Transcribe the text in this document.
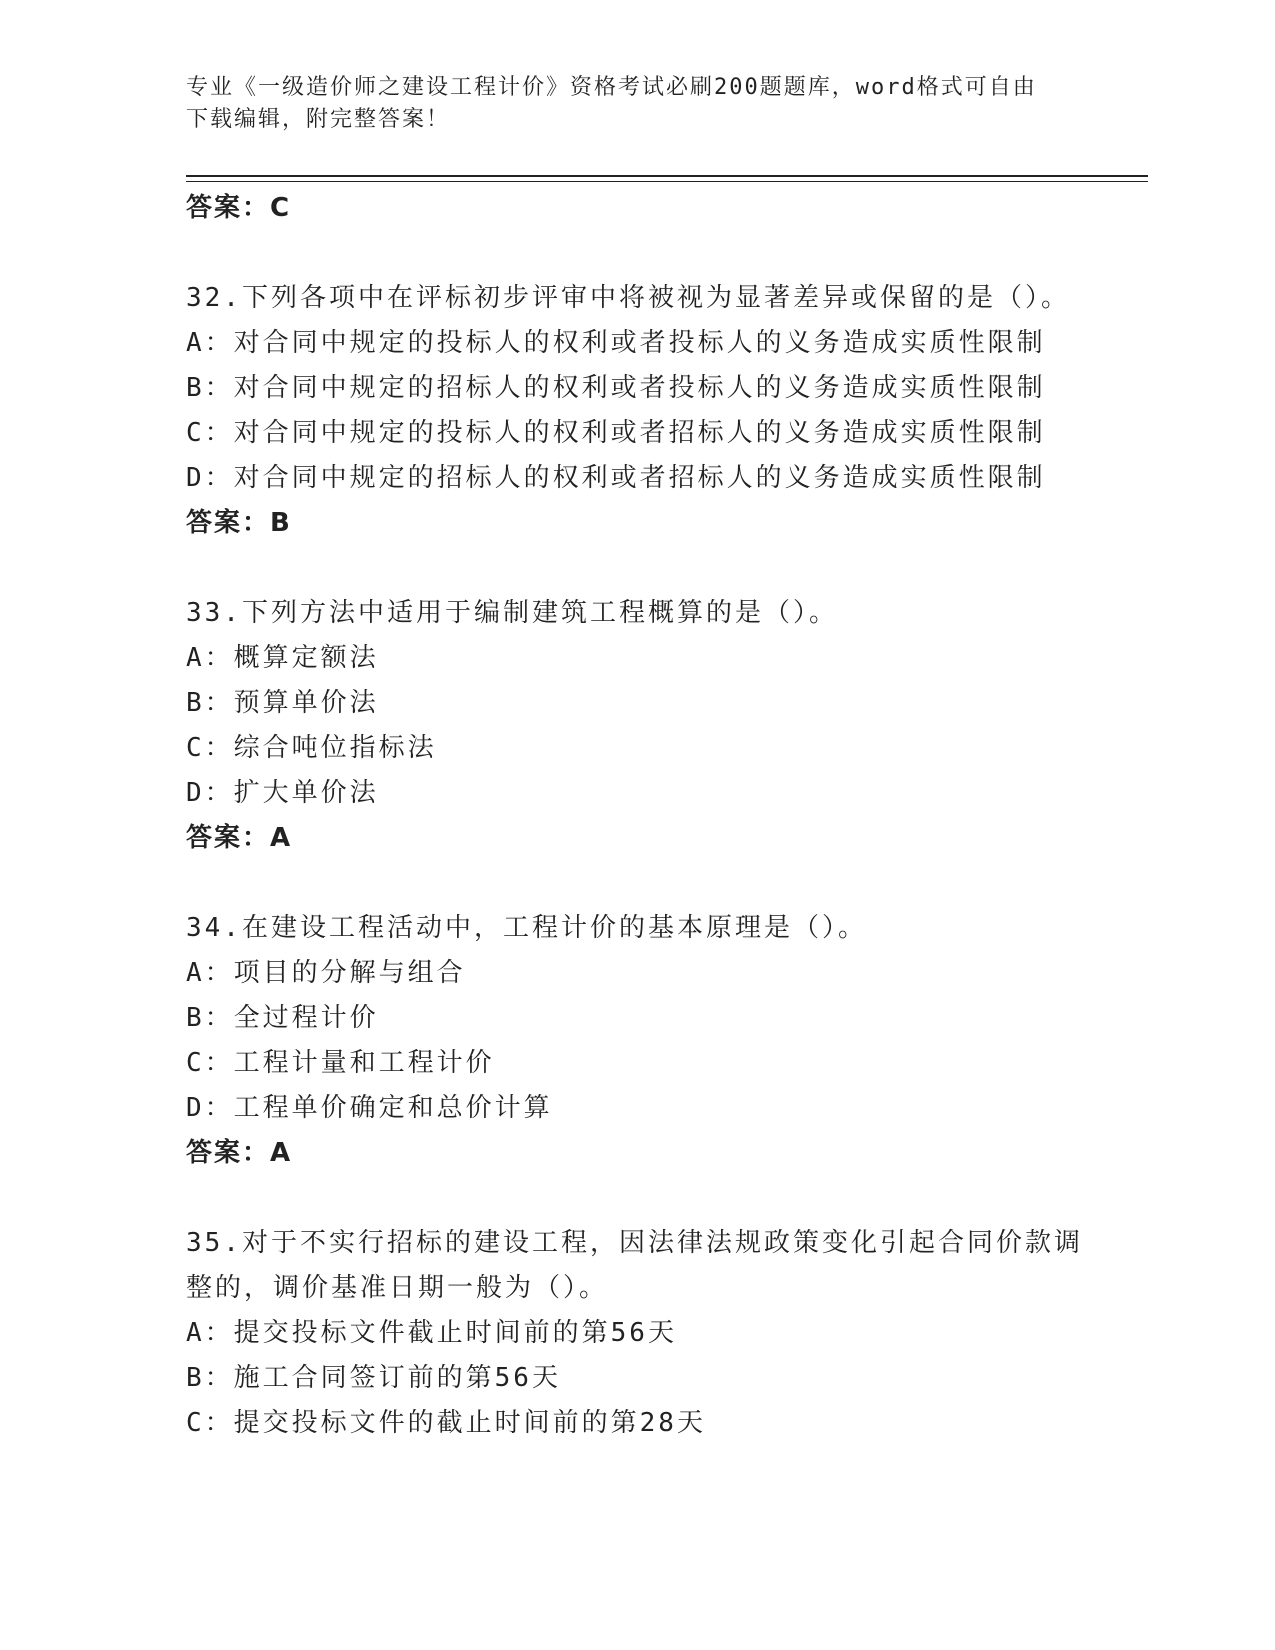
专业《一级造价师之建设工程计价》资格考试必刷200题题库，word格式可自由
下载编辑，附完整答案！
答案：C
32.下列各项中在评标初步评审中将被视为显著差异或保留的是（）。
A：对合同中规定的投标人的权利或者投标人的义务造成实质性限制
B：对合同中规定的招标人的权利或者投标人的义务造成实质性限制
C：对合同中规定的投标人的权利或者招标人的义务造成实质性限制
D：对合同中规定的招标人的权利或者招标人的义务造成实质性限制
答案：B
33.下列方法中适用于编制建筑工程概算的是（）。
A：概算定额法
B：预算单价法
C：综合吨位指标法
D：扩大单价法
答案：A
34.在建设工程活动中，工程计价的基本原理是（）。
A：项目的分解与组合
B：全过程计价
C：工程计量和工程计价
D：工程单价确定和总价计算
答案：A
35.对于不实行招标的建设工程，因法律法规政策变化引起合同价款调
整的，调价基准日期一般为（）。
A：提交投标文件截止时间前的第56天
B：施工合同签订前的第56天
C：提交投标文件的截止时间前的第28天
